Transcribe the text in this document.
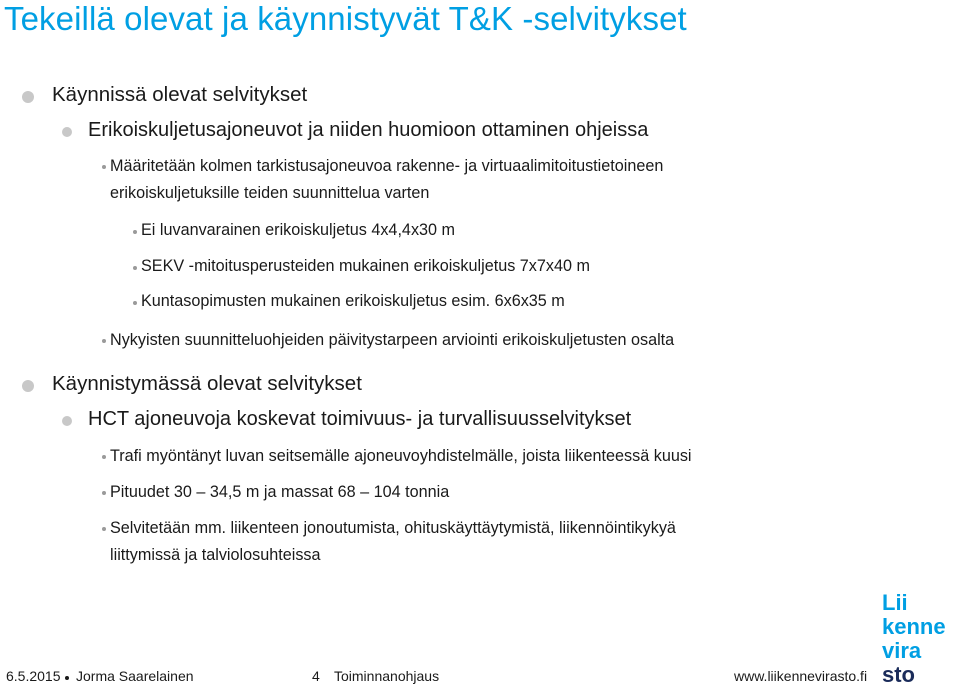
Tekeillä olevat ja käynnistyvät T&K -selvitykset
Käynnissä olevat selvitykset
Erikoiskuljetusajoneuvot ja niiden huomioon ottaminen ohjeissa
Määritetään kolmen tarkistusajoneuvoa rakenne- ja virtuaalimitoitustietoineen
erikoiskuljetuksille teiden suunnittelua varten
Ei luvanvarainen erikoiskuljetus 4x4,4x30 m
SEKV -mitoitusperusteiden mukainen erikoiskuljetus 7x7x40 m
Kuntasopimusten mukainen erikoiskuljetus esim. 6x6x35 m
Nykyisten suunnitteluohjeiden päivitystarpeen arviointi erikoiskuljetusten osalta
Käynnistymässä olevat selvitykset
HCT ajoneuvoja koskevat toimivuus- ja turvallisuusselvitykset
Trafi myöntänyt luvan seitsemälle ajoneuvoyhdistelmälle, joista liikenteessä kuusi
Pituudet 30 – 34,5 m ja massat 68 – 104 tonnia
Selvitetään mm. liikenteen jonoutumista, ohituskäyttäytymistä, liikennöintikykyä
liittymissä ja talviolosuhteissa
6.5.2015 Jorma Saarelainen	4 Toiminnanohjaus	www.liikennevirasto.fi
Lii
kenne
vira
sto
